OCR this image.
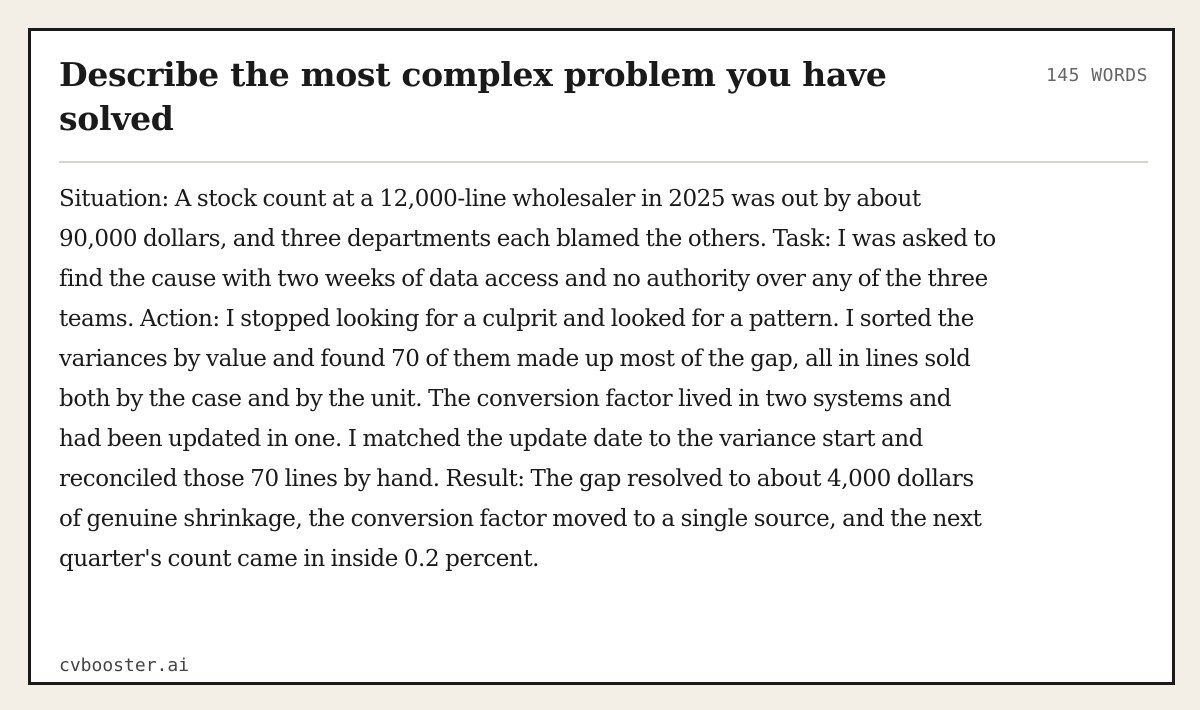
Describe the most complex problem you have solved
145 WORDS

Situation: A stock count at a 12,000-line wholesaler in 2025 was out by about 90,000 dollars, and three departments each blamed the others. Task: I was asked to find the cause with two weeks of data access and no authority over any of the three teams. Action: I stopped looking for a culprit and looked for a pattern. I sorted the variances by value and found 70 of them made up most of the gap, all in lines sold both by the case and by the unit. The conversion factor lived in two systems and had been updated in one. I matched the update date to the variance start and reconciled those 70 lines by hand. Result: The gap resolved to about 4,000 dollars of genuine shrinkage, the conversion factor moved to a single source, and the next quarter's count came in inside 0.2 percent.

cvbooster.ai
